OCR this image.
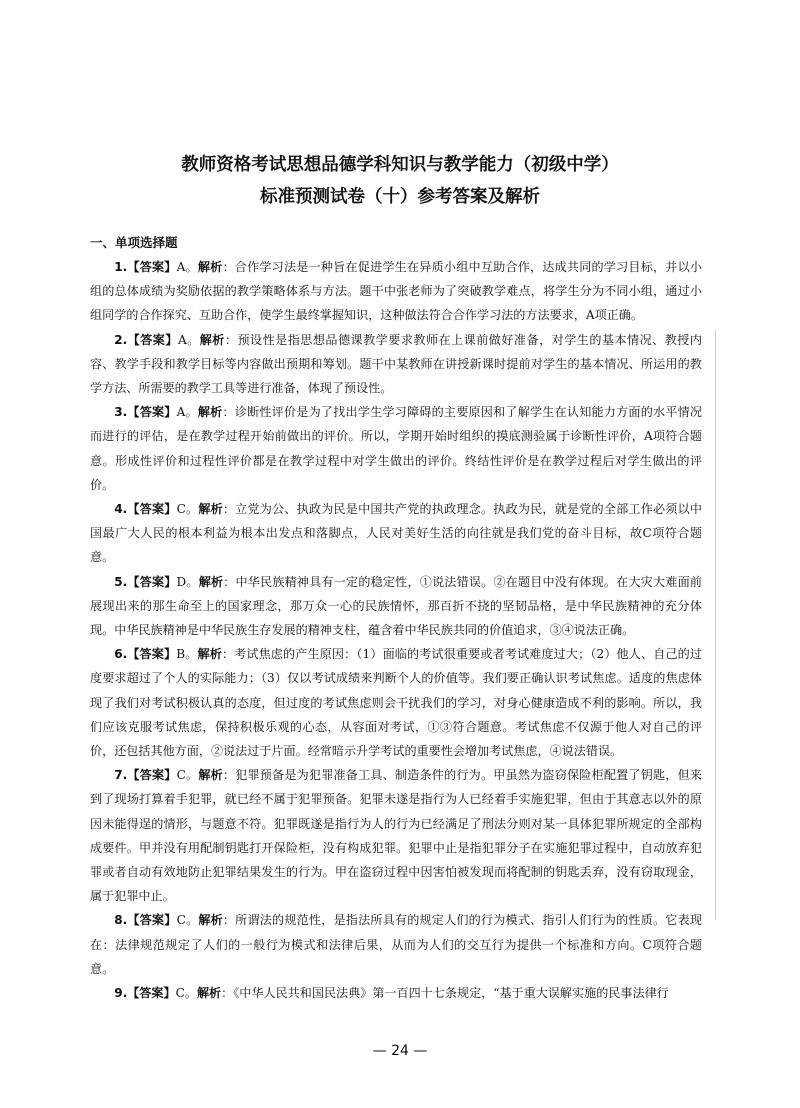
教师资格考试思想品德学科知识与教学能力（初级中学）
标准预测试卷（十）参考答案及解析
一、单项选择题

1.【答案】A。解析：合作学习法是一种旨在促进学生在异质小组中互助合作，达成共同的学习目标，并以小组的总体成绩为奖励依据的教学策略体系与方法。题干中张老师为了突破教学难点，将学生分为不同小组，通过小组同学的合作探究、互助合作，使学生最终掌握知识，这种做法符合合作学习法的方法要求，A项正确。

2.【答案】A。解析：预设性是指思想品德课教学要求教师在上课前做好准备，对学生的基本情况、教授内容、教学手段和教学目标等内容做出预期和筹划。题干中某教师在讲授新课时提前对学生的基本情况、所运用的教学方法、所需要的教学工具等进行准备，体现了预设性。

3.【答案】A。解析：诊断性评价是为了找出学生学习障碍的主要原因和了解学生在认知能力方面的水平情况而进行的评估，是在教学过程开始前做出的评价。所以，学期开始时组织的摸底测验属于诊断性评价，A项符合题意。形成性评价和过程性评价都是在教学过程中对学生做出的评价。终结性评价是在教学过程后对学生做出的评价。

4.【答案】C。解析：立党为公、执政为民是中国共产党的执政理念。执政为民，就是党的全部工作必须以中国最广大人民的根本利益为根本出发点和落脚点，人民对美好生活的向往就是我们党的奋斗目标，故C项符合题意。

5.【答案】D。解析：中华民族精神具有一定的稳定性，①说法错误。②在题目中没有体现。在大灾大难面前展现出来的那生命至上的国家理念，那万众一心的民族情怀，那百折不挠的坚韧品格，是中华民族精神的充分体现。中华民族精神是中华民族生存发展的精神支柱，蕴含着中华民族共同的价值追求，③④说法正确。

6.【答案】B。解析：考试焦虑的产生原因：（1）面临的考试很重要或者考试难度过大；（2）他人、自己的过度要求超过了个人的实际能力；（3）仅以考试成绩来判断个人的价值等。我们要正确认识考试焦虑。适度的焦虑体现了我们对考试积极认真的态度，但过度的考试焦虑则会干扰我们的学习，对身心健康造成不利的影响。所以，我们应该克服考试焦虑，保持积极乐观的心态，从容面对考试，①③符合题意。考试焦虑不仅源于他人对自己的评价，还包括其他方面，②说法过于片面。经常暗示升学考试的重要性会增加考试焦虑，④说法错误。

7.【答案】C。解析：犯罪预备是为犯罪准备工具、制造条件的行为。甲虽然为盗窃保险柜配置了钥匙，但来到了现场打算着手犯罪，就已经不属于犯罪预备。犯罪未遂是指行为人已经着手实施犯罪，但由于其意志以外的原因未能得逞的情形，与题意不符。犯罪既遂是指行为人的行为已经满足了刑法分则对某一具体犯罪所规定的全部构成要件。甲并没有用配制钥匙打开保险柜，没有构成犯罪。犯罪中止是指犯罪分子在实施犯罪过程中，自动放弃犯罪或者自动有效地防止犯罪结果发生的行为。甲在盗窃过程中因害怕被发现而将配制的钥匙丢弃，没有窃取现金，属于犯罪中止。

8.【答案】C。解析：所谓法的规范性，是指法所具有的规定人们的行为模式、指引人们行为的性质。它表现在：法律规范规定了人们的一般行为模式和法律后果，从而为人们的交互行为提供一个标准和方向。C项符合题意。

9.【答案】C。解析：《中华人民共和国民法典》第一百四十七条规定，“基于重大误解实施的民事法律行

— 24 —
